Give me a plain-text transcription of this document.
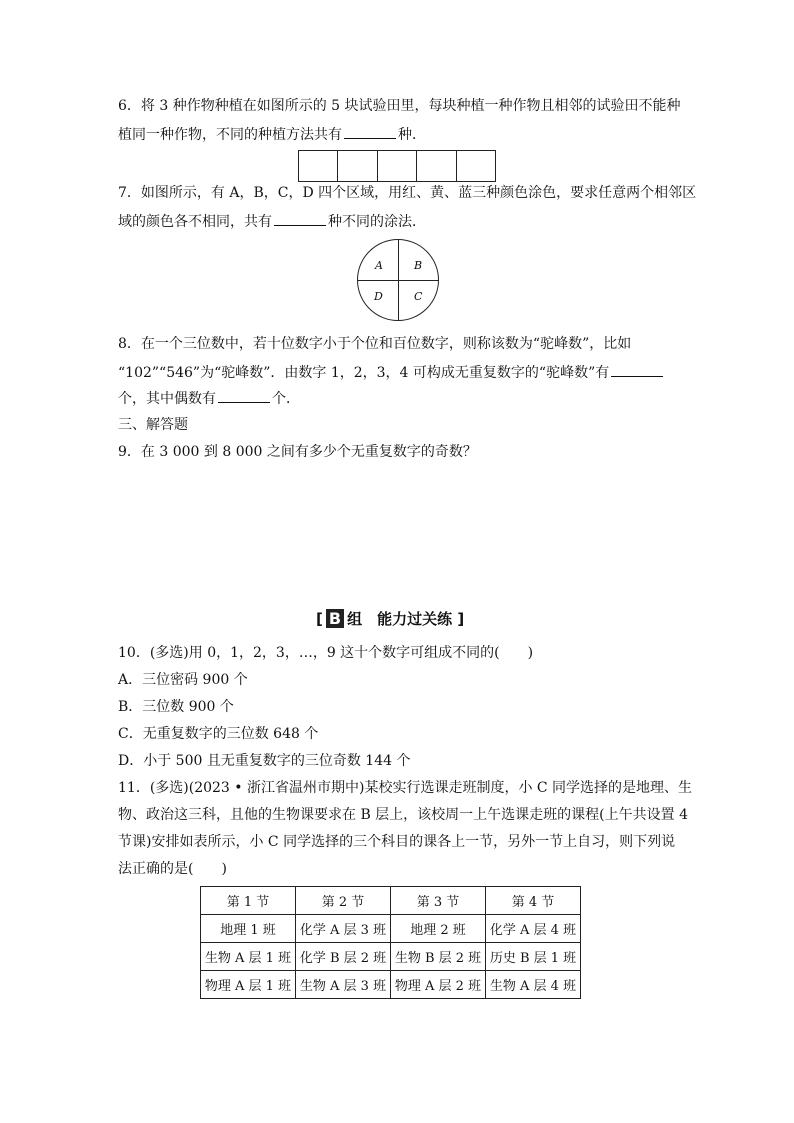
6．将 3 种作物种植在如图所示的 5 块试验田里，每块种植一种作物且相邻的试验田不能种
植同一种作物，不同的种植方法共有	种．
7．如图所示，有 A，B，C，D 四个区域，用红、黄、蓝三种颜色涂色，要求任意两个相邻区
域的颜色各不相同，共有	种不同的涂法．
A	B
D	C
8．在一个三位数中，若十位数字小于个位和百位数字，则称该数为“驼峰数”，比如
“102”“546”为“驼峰数”．由数字 1，2，3，4 可构成无重复数字的“驼峰数”有
个，其中偶数有	个．
三、解答题
9．在 3 000 到 8 000 之间有多少个无重复数字的奇数？
[ B 组　能力过关练 ]
10．(多选)用 0，1，2，3，…，9 这十个数字可组成不同的(　　)
A．三位密码 900 个
B．三位数 900 个
C．无重复数字的三位数 648 个
D．小于 500 且无重复数字的三位奇数 144 个
11．(多选)(2023 • 浙江省温州市期中)某校实行选课走班制度，小 C 同学选择的是地理、生
物、政治这三科，且他的生物课要求在 B 层上，该校周一上午选课走班的课程(上午共设置 4
节课)安排如表所示，小 C 同学选择的三个科目的课各上一节，另外一节上自习，则下列说
法正确的是(　　)
第 1 节	第 2 节	第 3 节	第 4 节
地理 1 班	化学 A 层 3 班	地理 2 班	化学 A 层 4 班
生物 A 层 1 班	化学 B 层 2 班	生物 B 层 2 班	历史 B 层 1 班
物理 A 层 1 班	生物 A 层 3 班	物理 A 层 2 班	生物 A 层 4 班
